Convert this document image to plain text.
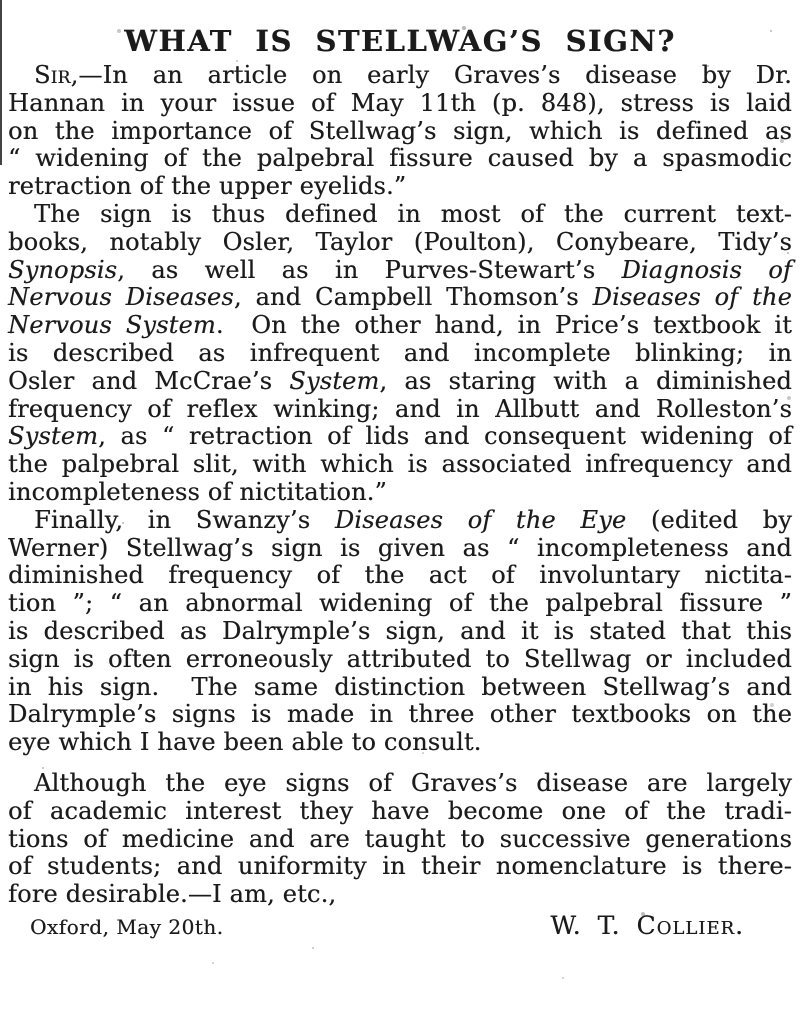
WHAT IS STELLWAG’S SIGN?
Sir,—In an article on early Graves’s disease by Dr.
Hannan in your issue of May 11th (p. 848), stress is laid
on the importance of Stellwag’s sign, which is defined as
“ widening of the palpebral fissure caused by a spasmodic
retraction of the upper eyelids.”
The sign is thus defined in most of the current text-
books, notably Osler, Taylor (Poulton), Conybeare, Tidy’s
Synopsis, as well as in Purves-Stewart’s Diagnosis of
Nervous Diseases, and Campbell Thomson’s Diseases of the
Nervous System.  On the other hand, in Price’s textbook it
is described as infrequent and incomplete blinking; in
Osler and McCrae’s System, as staring with a diminished
frequency of reflex winking; and in Allbutt and Rolleston’s
System, as “ retraction of lids and consequent widening of
the palpebral slit, with which is associated infrequency and
incompleteness of nictitation.”
Finally, in Swanzy’s Diseases of the Eye (edited by
Werner) Stellwag’s sign is given as “ incompleteness and
diminished frequency of the act of involuntary nictita-
tion ”; “ an abnormal widening of the palpebral fissure ”
is described as Dalrymple’s sign, and it is stated that this
sign is often erroneously attributed to Stellwag or included
in his sign.  The same distinction between Stellwag’s and
Dalrymple’s signs is made in three other textbooks on the
eye which I have been able to consult.
Although the eye signs of Graves’s disease are largely
of academic interest they have become one of the tradi-
tions of medicine and are taught to successive generations
of students; and uniformity in their nomenclature is there-
fore desirable.—I am, etc.,
Oxford, May 20th.	W. T. Collier.
